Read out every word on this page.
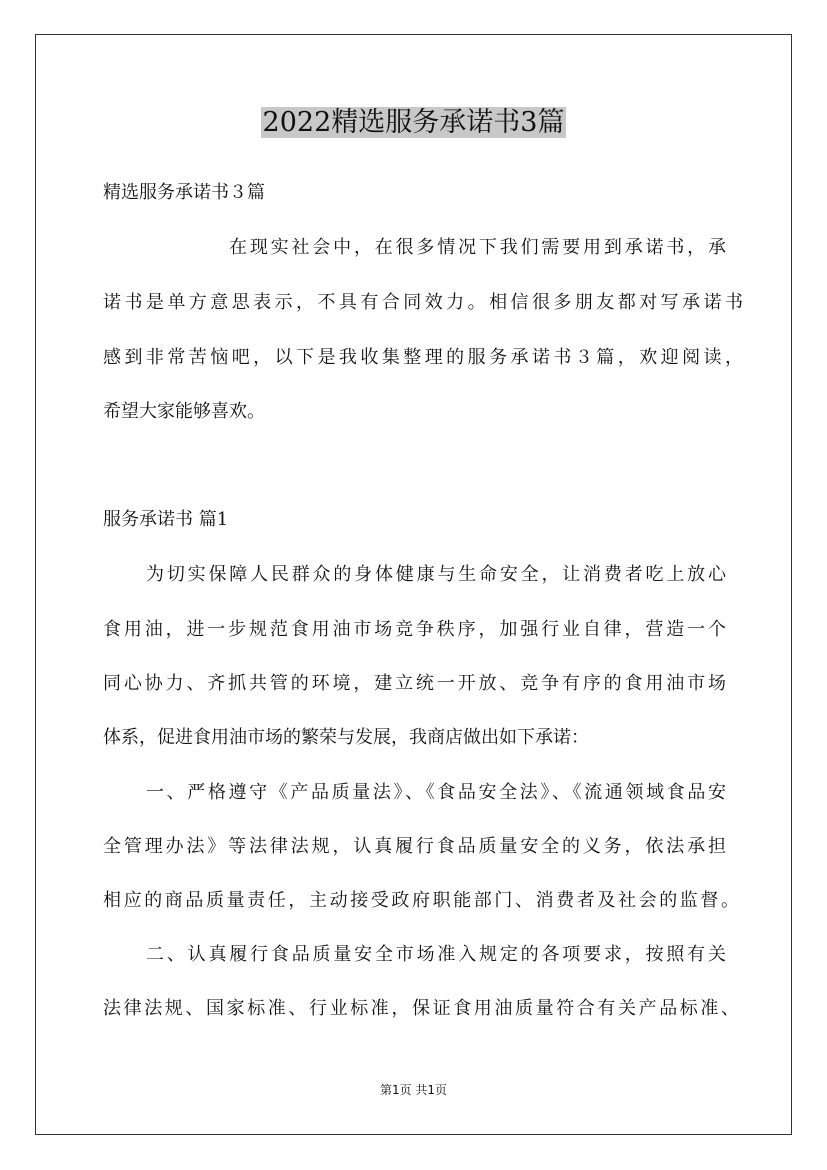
2022精选服务承诺书3篇

精选服务承诺书３篇

在现实社会中，在很多情况下我们需要用到承诺书，承

诺书是单方意思表示，不具有合同效力。相信很多朋友都对写承诺书

感到非常苦恼吧，以下是我收集整理的服务承诺书３篇，欢迎阅读，

希望大家能够喜欢。

服务承诺书 篇1

为切实保障人民群众的身体健康与生命安全，让消费者吃上放心

食用油，进一步规范食用油市场竞争秩序，加强行业自律，营造一个

同心协力、齐抓共管的环境，建立统一开放、竞争有序的食用油市场

体系，促进食用油市场的繁荣与发展，我商店做出如下承诺：

一、严格遵守《产品质量法》、《食品安全法》、《流通领域食品安

全管理办法》等法律法规，认真履行食品质量安全的义务，依法承担

相应的商品质量责任，主动接受政府职能部门、消费者及社会的监督。

二、认真履行食品质量安全市场准入规定的各项要求，按照有关

法律法规、国家标准、行业标准，保证食用油质量符合有关产品标准、

第1页 共1页
